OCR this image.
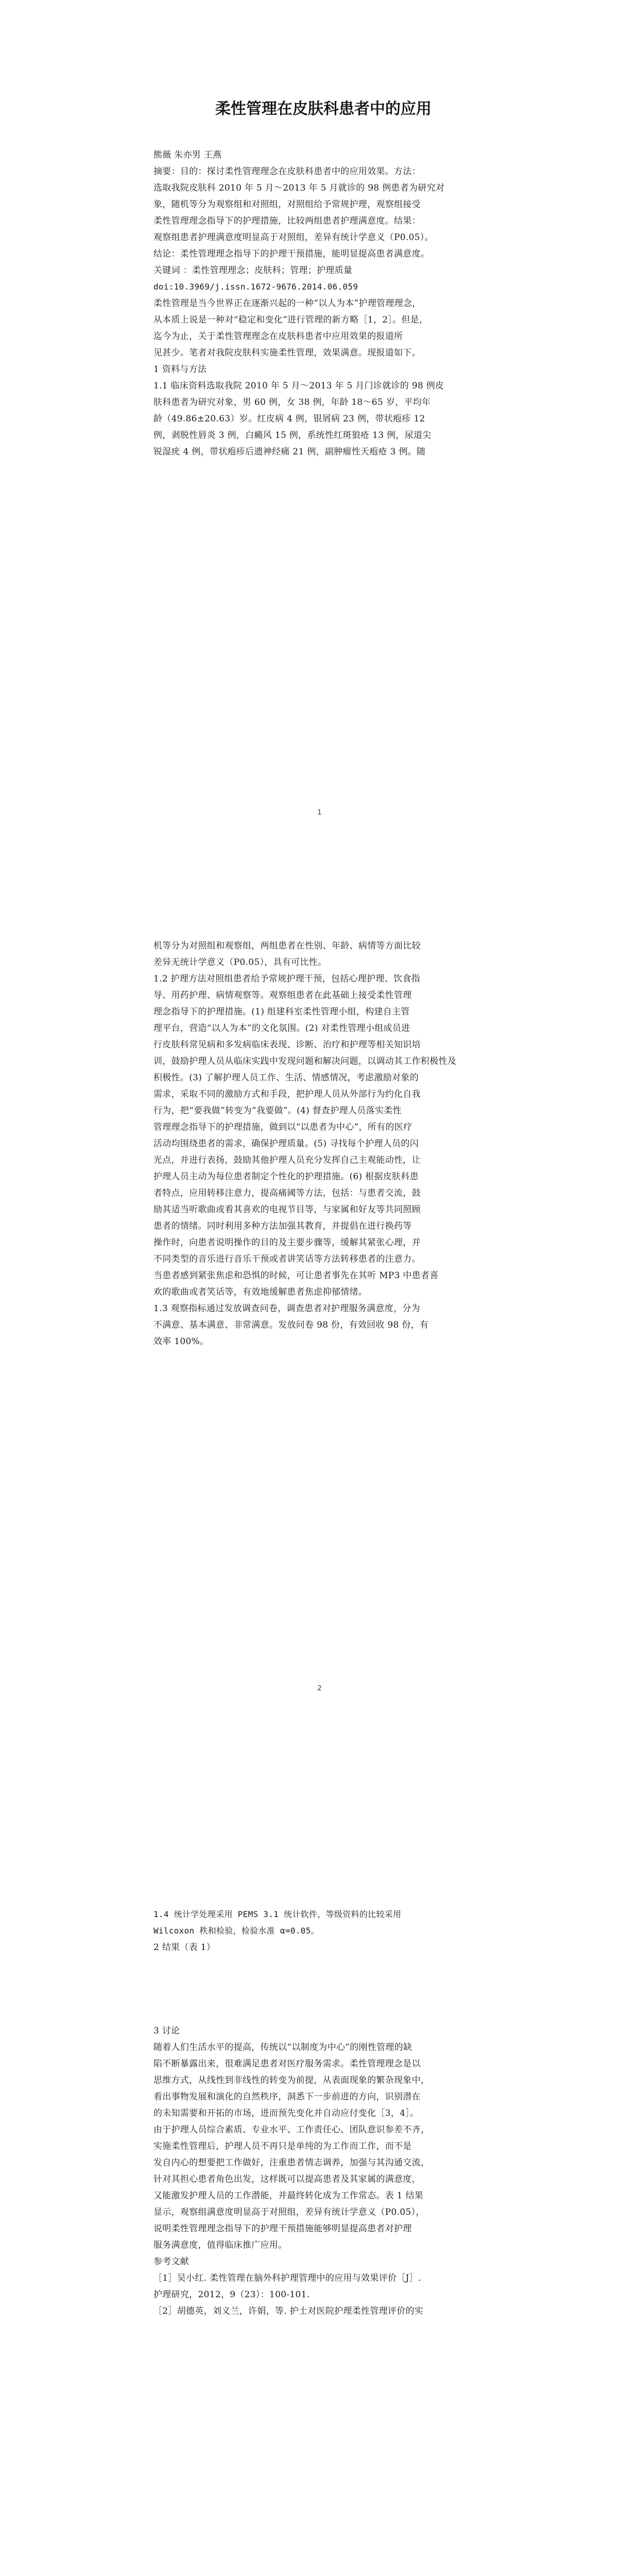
柔性管理在皮肤科患者中的应用

熊薇 朱亦男 王燕

摘要：目的：探讨柔性管理理念在皮肤科患者中的应用效果。方法：

选取我院皮肤科 2010 年 5 月～2013 年 5 月就诊的 98 例患者为研究对

象，随机等分为观察组和对照组，对照组给予常规护理，观察组接受

柔性管理理念指导下的护理措施，比较两组患者护理满意度。结果：

观察组患者护理满意度明显高于对照组，差异有统计学意义（P0.05）。

结论：柔性管理理念指导下的护理干预措施，能明显提高患者满意度。

关键词 ：柔性管理理念；皮肤科；管理；护理质量

doi:10.3969/j.issn.1672-9676.2014.06.059

柔性管理是当今世界正在逐渐兴起的一种“以人为本”护理管理理念，

从本质上说是一种对“稳定和变化”进行管理的新方略［1，2］。但是，

迄今为止，关于柔性管理理念在皮肤科患者中应用效果的报道所

见甚少。笔者对我院皮肤科实施柔性管理，效果满意。现报道如下。

1 资料与方法

1.1 临床资料选取我院 2010 年 5 月～2013 年 5 月门诊就诊的 98 例皮

肤科患者为研究对象，男 60 例，女 38 例，年龄 18～65 岁，平均年

龄（49.86±20.63）岁。红皮病 4 例，银屑病 23 例，带状疱疹 12

例，剥脱性唇炎 3 例，白癜风 15 例，系统性红斑狼疮 13 例，尿道尖

锐湿疣 4 例，带状疱疹后遗神经痛 21 例，副肿瘤性天疱疮 3 例。随

1

机等分为对照组和观察组，两组患者在性别、年龄、病情等方面比较

差异无统计学意义（P0.05），具有可比性。

1.2 护理方法对照组患者给予常规护理干预，包括心理护理、饮食指

导、用药护理、病情观察等。观察组患者在此基础上接受柔性管理

理念指导下的护理措施。(1) 组建科室柔性管理小组，构建自主管

理平台，营造“以人为本”的文化氛围。(2) 对柔性管理小组成员进

行皮肤科常见病和多发病临床表现、诊断、治疗和护理等相关知识培

训，鼓励护理人员从临床实践中发现问题和解决问题，以调动其工作积极性及

积极性。(3) 了解护理人员工作、生活、情感情况，考虑激励对象的

需求，采取不同的激励方式和手段，把护理人员从外部行为约化自我

行为，把“要我做”转变为“我要做”。(4) 督查护理人员落实柔性

管理理念指导下的护理措施，做到以“以患者为中心”，所有的医疗

活动均围绕患者的需求，确保护理质量。(5) 寻找每个护理人员的闪

光点，并进行表扬，鼓励其他护理人员充分发挥自己主观能动性，让

护理人员主动为每位患者制定个性化的护理措施。(6) 根据皮肤科患

者特点，应用转移注意力，提高痛阈等方法，包括：与患者交流，鼓

励其适当听歌曲或看其喜欢的电视节目等，与家属和好友等共同照顾

患者的情绪。同时利用多种方法加强其教育，并提倡在进行换药等

操作时，向患者说明操作的目的及主要步骤等，缓解其紧张心理，并

不同类型的音乐进行音乐干预或者讲笑话等方法转移患者的注意力。

当患者感到紧张焦虑和恐惧的时候，可让患者事先在其听 MP3 中患者喜

欢的歌曲或者笑话等，有效地缓解患者焦虑抑郁情绪。

1.3 观察指标通过发放调查问卷，调查患者对护理服务满意度，分为

不满意、基本满意、非常满意。发放问卷 98 份，有效回收 98 份，有

效率 100%。

2

1.4 统计学处理采用 PEMS 3.1 统计软件，等级资料的比较采用

Wilcoxon 秩和检验，检验水准 α=0.05。

2 结果（表 1）

3 讨论

随着人们生活水平的提高，传统以“以制度为中心”的刚性管理的缺

陷不断暴露出来，很难满足患者对医疗服务需求。柔性管理理念是以

思维方式，从线性到非线性的转变为前提，从表面现象的繁杂现象中，

看出事物发展和演化的自然秩序，洞悉下一步前进的方向，识别潜在

的未知需要和开拓的市场，进而预先变化并自动应付变化［3，4］。

由于护理人员综合素质、专业水平、工作责任心、团队意识参差不齐，

实施柔性管理后，护理人员不再只是单纯的为工作而工作，而不是

发自内心的想要把工作做好，注重患者情志调养，加强与其沟通交流，

针对其担心患者角色出发，这样既可以提高患者及其家属的满意度，

又能激发护理人员的工作潜能，并最终转化成为工作常态。表 1 结果

显示，观察组满意度明显高于对照组，差异有统计学意义（P0.05），

说明柔性管理理念指导下的护理干预措施能够明显提高患者对护理

服务满意度，值得临床推广应用。

参考文献

［1］吴小红. 柔性管理在脑外科护理管理中的应用与效果评价［J］.

护理研究，2012，9（23）：100-101.

［2］胡德英，刘义兰，许娟，等. 护士对医院护理柔性管理评价的实
